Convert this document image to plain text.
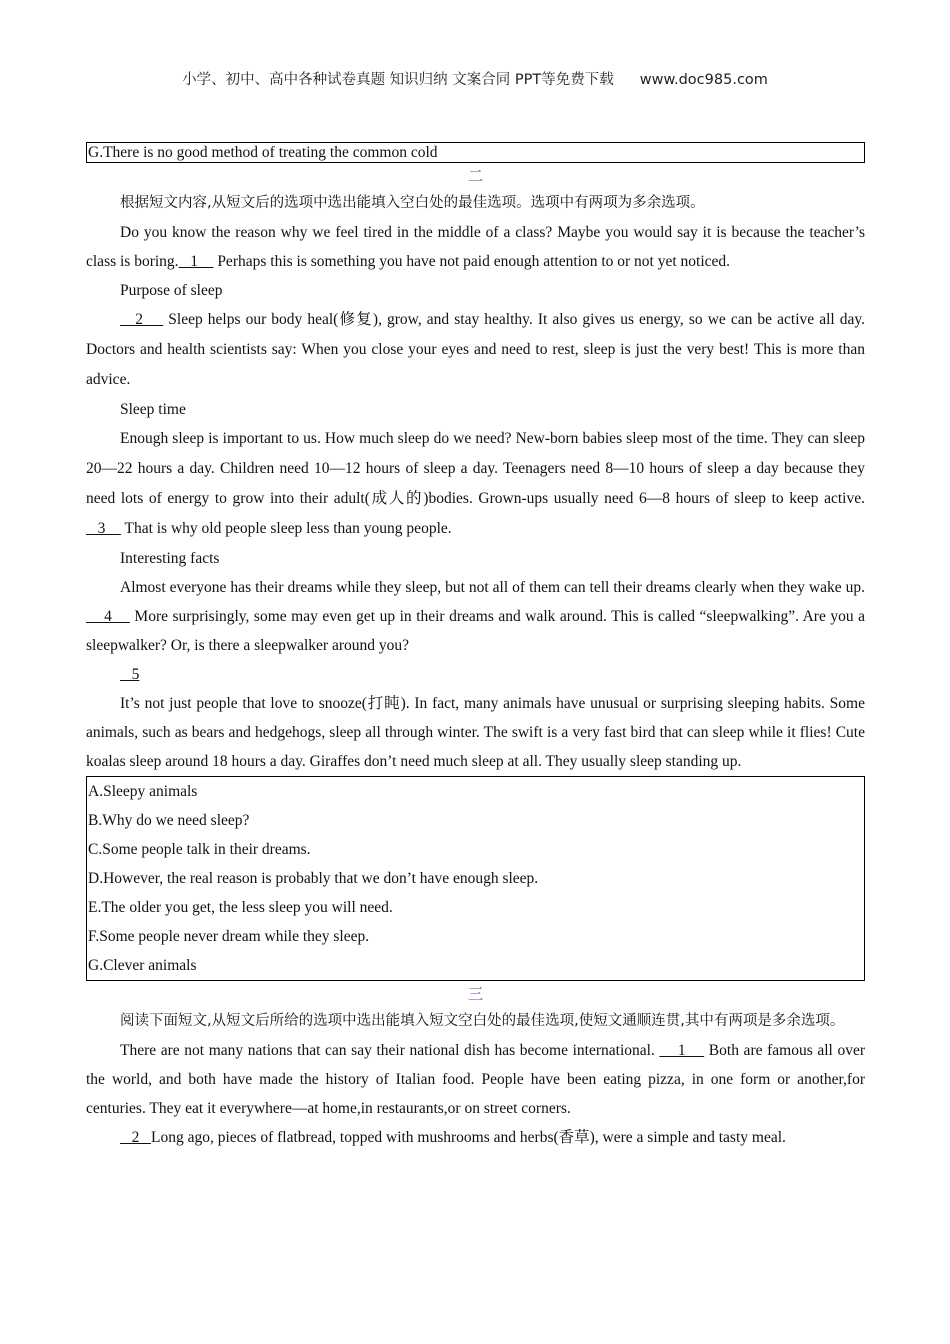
小学、初中、高中各种试卷真题 知识归纳 文案合同 PPT等免费下载 www.doc985.com
G.There is no good method of treating the common cold
二

根据短文内容,从短文后的选项中选出能填入空白处的最佳选项。选项中有两项为多余选项。

Do you know the reason why we feel tired in the middle of a class? Maybe you would say it is because the teacher’s class is boring.   1     Perhaps this is something you have not paid enough attention to or not yet noticed.

Purpose of sleep

2     Sleep helps our body heal(修复), grow, and stay healthy. It also gives us energy, so we can be active all day. Doctors and health scientists say: When you close your eyes and need to rest, sleep is just the very best! This is more than advice.

Sleep time

Enough sleep is important to us. How much sleep do we need? New-born babies sleep most of the time. They can sleep 20—22 hours a day. Children need 10—12 hours of sleep a day. Teenagers need 8—10 hours of sleep a day because they need lots of energy to grow into their adult(成人的)bodies. Grown-ups usually need 6—8 hours of sleep to keep active.    3     That is why old people sleep less than young people.

Interesting facts

Almost everyone has their dreams while they sleep, but not all of them can tell their dreams clearly when they wake up.     4     More surprisingly, some may even get up in their dreams and walk around. This is called “sleepwalking”. Are you a sleepwalker? Or, is there a sleepwalker around you?

5

It’s not just people that love to snooze(打盹). In fact, many animals have unusual or surprising sleeping habits. Some animals, such as bears and hedgehogs, sleep all through winter. The swift is a very fast bird that can sleep while it flies! Cute koalas sleep around 18 hours a day. Giraffes don’t need much sleep at all. They usually sleep standing up.

A.Sleepy animals
B.Why do we need sleep?
C.Some people talk in their dreams.
D.However, the real reason is probably that we don’t have enough sleep.
E.The older you get, the less sleep you will need.
F.Some people never dream while they sleep.
G.Clever animals
三

阅读下面短文,从短文后所给的选项中选出能填入短文空白处的最佳选项,使短文通顺连贯,其中有两项是多余选项。

There are not many nations that can say their national dish has become international.     1     Both are famous all over the world, and both have made the history of Italian food. People have been eating pizza, in one form or another,for centuries. They eat it everywhere—at home,in restaurants,or on street corners.

2   Long ago, pieces of flatbread, topped with mushrooms and herbs(香草), were a simple and tasty meal.
